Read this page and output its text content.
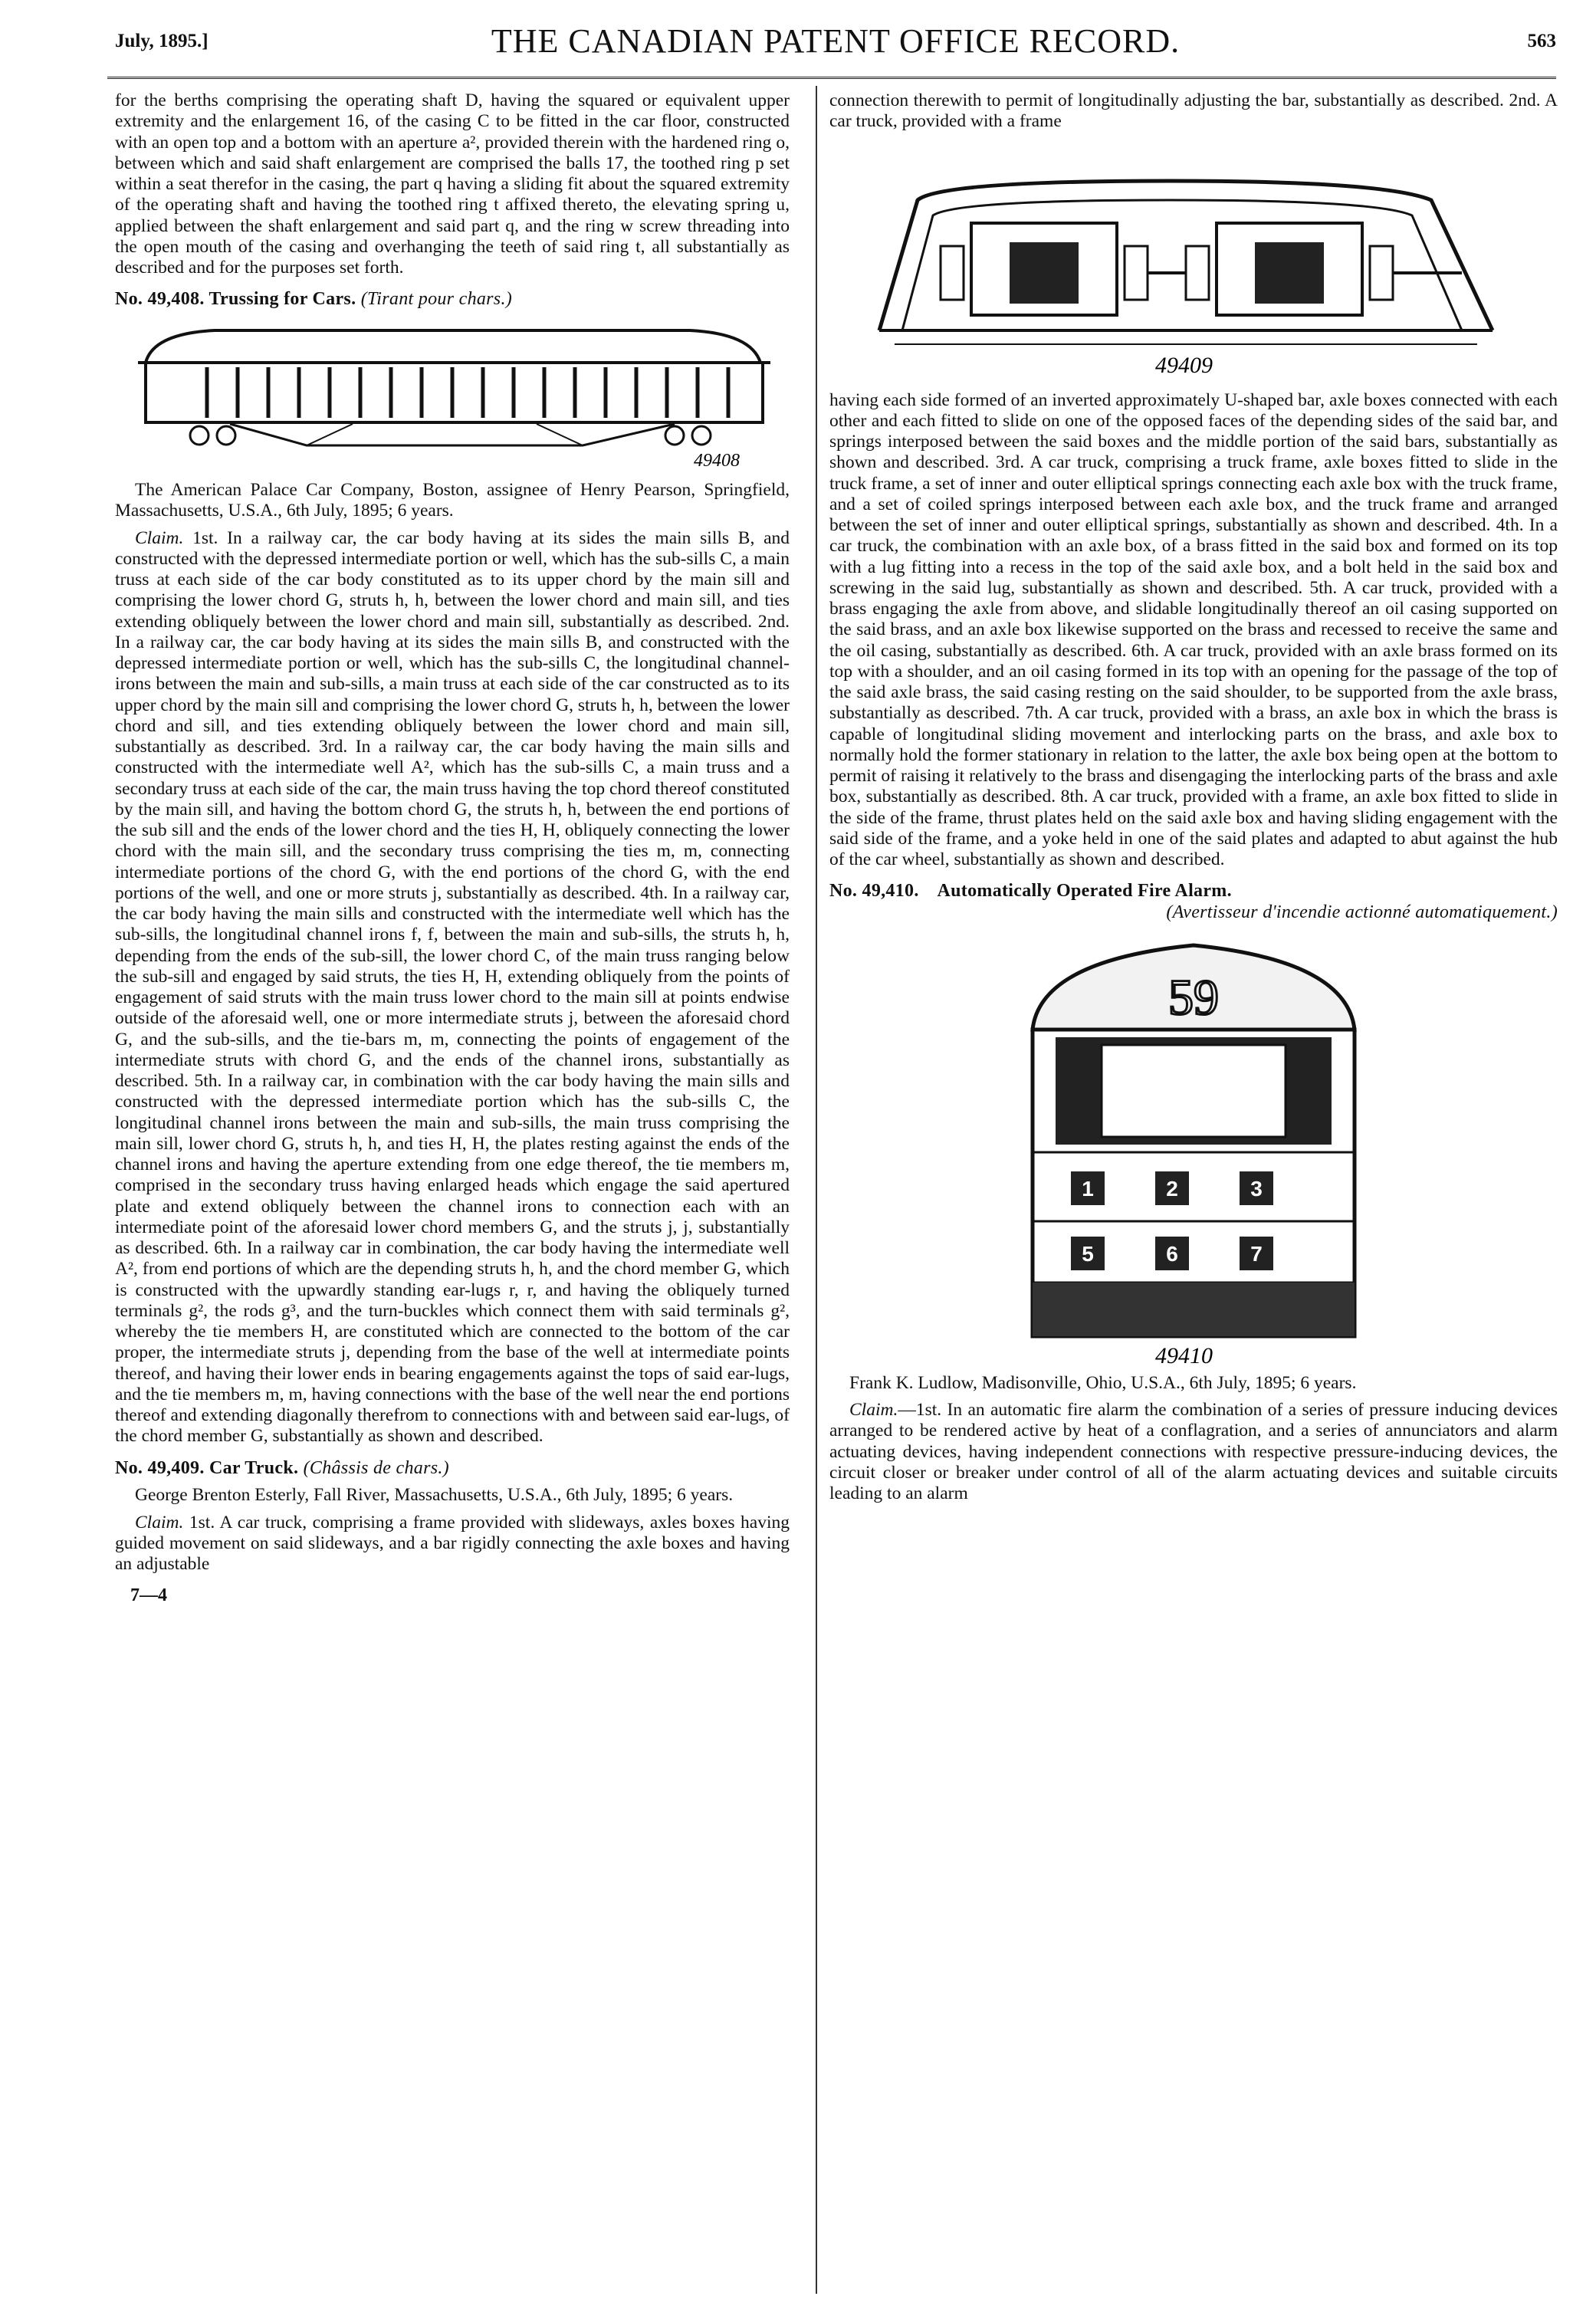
July, 1895.]	THE CANADIAN PATENT OFFICE RECORD.	563

for the berths comprising the operating shaft D, having the squared or equivalent upper extremity and the enlargement 16, of the casing C to be fitted in the car floor, constructed with an open top and a bottom with an aperture a², provided therein with the hardened ring o, between which and said shaft enlargement are comprised the balls 17, the toothed ring p set within a seat therefor in the casing, the part q having a sliding fit about the squared extremity of the operating shaft and having the toothed ring t affixed thereto, the elevating spring u, applied between the shaft enlargement and said part q, and the ring w screw threading into the open mouth of the casing and overhanging the teeth of said ring t, all substantially as described and for the purposes set forth.

No. 49,408. Trussing for Cars. (Tirant pour chars.)
49408

The American Palace Car Company, Boston, assignee of Henry Pearson, Springfield, Massachusetts, U.S.A., 6th July, 1895; 6 years.

Claim. 1st. In a railway car, the car body having at its sides the main sills B, and constructed with the depressed intermediate portion or well, which has the sub-sills C, a main truss at each side of the car body constituted as to its upper chord by the main sill and comprising the lower chord G, struts h, h, between the lower chord and main sill, and ties extending obliquely between the lower chord and main sill, substantially as described. 2nd. In a railway car, the car body having at its sides the main sills B, and constructed with the depressed intermediate portion or well, which has the sub-sills C, the longitudinal channel-irons between the main and sub-sills, a main truss at each side of the car constructed as to its upper chord by the main sill and comprising the lower chord G, struts h, h, between the lower chord and sill, and ties extending obliquely between the lower chord and main sill, substantially as described. 3rd. In a railway car, the car body having the main sills and constructed with the intermediate well A², which has the sub-sills C, a main truss and a secondary truss at each side of the car, the main truss having the top chord thereof constituted by the main sill, and having the bottom chord G, the struts h, h, between the end portions of the sub sill and the ends of the lower chord and the ties H, H, obliquely connecting the lower chord with the main sill, and the secondary truss comprising the ties m, m, connecting intermediate portions of the chord G, with the end portions of the chord G, with the end portions of the well, and one or more struts j, substantially as described. 4th. In a railway car, the car body having the main sills and constructed with the intermediate well which has the sub-sills, the longitudinal channel irons f, f, between the main and sub-sills, the struts h, h, depending from the ends of the sub-sill, the lower chord C, of the main truss ranging below the sub-sill and engaged by said struts, the ties H, H, extending obliquely from the points of engagement of said struts with the main truss lower chord to the main sill at points endwise outside of the aforesaid well, one or more intermediate struts j, between the aforesaid chord G, and the sub-sills, and the tie-bars m, m, connecting the points of engagement of the intermediate struts with chord G, and the ends of the channel irons, substantially as described. 5th. In a railway car, in combination with the car body having the main sills and constructed with the depressed intermediate portion which has the sub-sills C, the longitudinal channel irons between the main and sub-sills, the main truss comprising the main sill, lower chord G, struts h, h, and ties H, H, the plates resting against the ends of the channel irons and having the aperture extending from one edge thereof, the tie members m, comprised in the secondary truss having enlarged heads which engage the said apertured plate and extend obliquely between the channel irons to connection each with an intermediate point of the aforesaid lower chord members G, and the struts j, j, substantially as described. 6th. In a railway car in combination, the car body having the intermediate well A², from end portions of which are the depending struts h, h, and the chord member G, which is constructed with the upwardly standing ear-lugs r, r, and having the obliquely turned terminals g², the rods g³, and the turn-buckles which connect them with said terminals g², whereby the tie members H, are constituted which are connected to the bottom of the car proper, the intermediate struts j, depending from the base of the well at intermediate points thereof, and having their lower ends in bearing engagements against the tops of said ear-lugs, and the tie members m, m, having connections with the base of the well near the end portions thereof and extending diagonally therefrom to connections with and between said ear-lugs, of the chord member G, substantially as shown and described.

No. 49,409. Car Truck. (Châssis de chars.)

George Brenton Esterly, Fall River, Massachusetts, U.S.A., 6th July, 1895; 6 years.

Claim. 1st. A car truck, comprising a frame provided with slideways, axles boxes having guided movement on said slideways, and a bar rigidly connecting the axle boxes and having an adjustable

7—4

connection therewith to permit of longitudinally adjusting the bar, substantially as described. 2nd. A car truck, provided with a frame

49409

having each side formed of an inverted approximately U-shaped bar, axle boxes connected with each other and each fitted to slide on one of the opposed faces of the depending sides of the said bar, and springs interposed between the said boxes and the middle portion of the said bars, substantially as shown and described. 3rd. A car truck, comprising a truck frame, axle boxes fitted to slide in the truck frame, a set of inner and outer elliptical springs connecting each axle box with the truck frame, and a set of coiled springs interposed between each axle box, and the truck frame and arranged between the set of inner and outer elliptical springs, substantially as shown and described. 4th. In a car truck, the combination with an axle box, of a brass fitted in the said box and formed on its top with a lug fitting into a recess in the top of the said axle box, and a bolt held in the said box and screwing in the said lug, substantially as shown and described. 5th. A car truck, provided with a brass engaging the axle from above, and slidable longitudinally thereof an oil casing supported on the said brass, and an axle box likewise supported on the brass and recessed to receive the same and the oil casing, substantially as described. 6th. A car truck, provided with an axle brass formed on its top with a shoulder, and an oil casing formed in its top with an opening for the passage of the top of the said axle brass, the said casing resting on the said shoulder, to be supported from the axle brass, substantially as described. 7th. A car truck, provided with a brass, an axle box in which the brass is capable of longitudinal sliding movement and interlocking parts on the brass, and axle box to normally hold the former stationary in relation to the latter, the axle box being open at the bottom to permit of raising it relatively to the brass and disengaging the interlocking parts of the brass and axle box, substantially as described. 8th. A car truck, provided with a frame, an axle box fitted to slide in the side of the frame, thrust plates held on the said axle box and having sliding engagement with the said side of the frame, and a yoke held in one of the said plates and adapted to abut against the hub of the car wheel, substantially as shown and described.

No. 49,410. Automatically Operated Fire Alarm.
(Avertisseur d'incendie actionné automatiquement.)
1	2	3
5	6	7
59
49410

Frank K. Ludlow, Madisonville, Ohio, U.S.A., 6th July, 1895; 6 years.

Claim.—1st. In an automatic fire alarm the combination of a series of pressure inducing devices arranged to be rendered active by heat of a conflagration, and a series of annunciators and alarm actuating devices, having independent connections with respective pressure-inducing devices, the circuit closer or breaker under control of all of the alarm actuating devices and suitable circuits leading to an alarm
